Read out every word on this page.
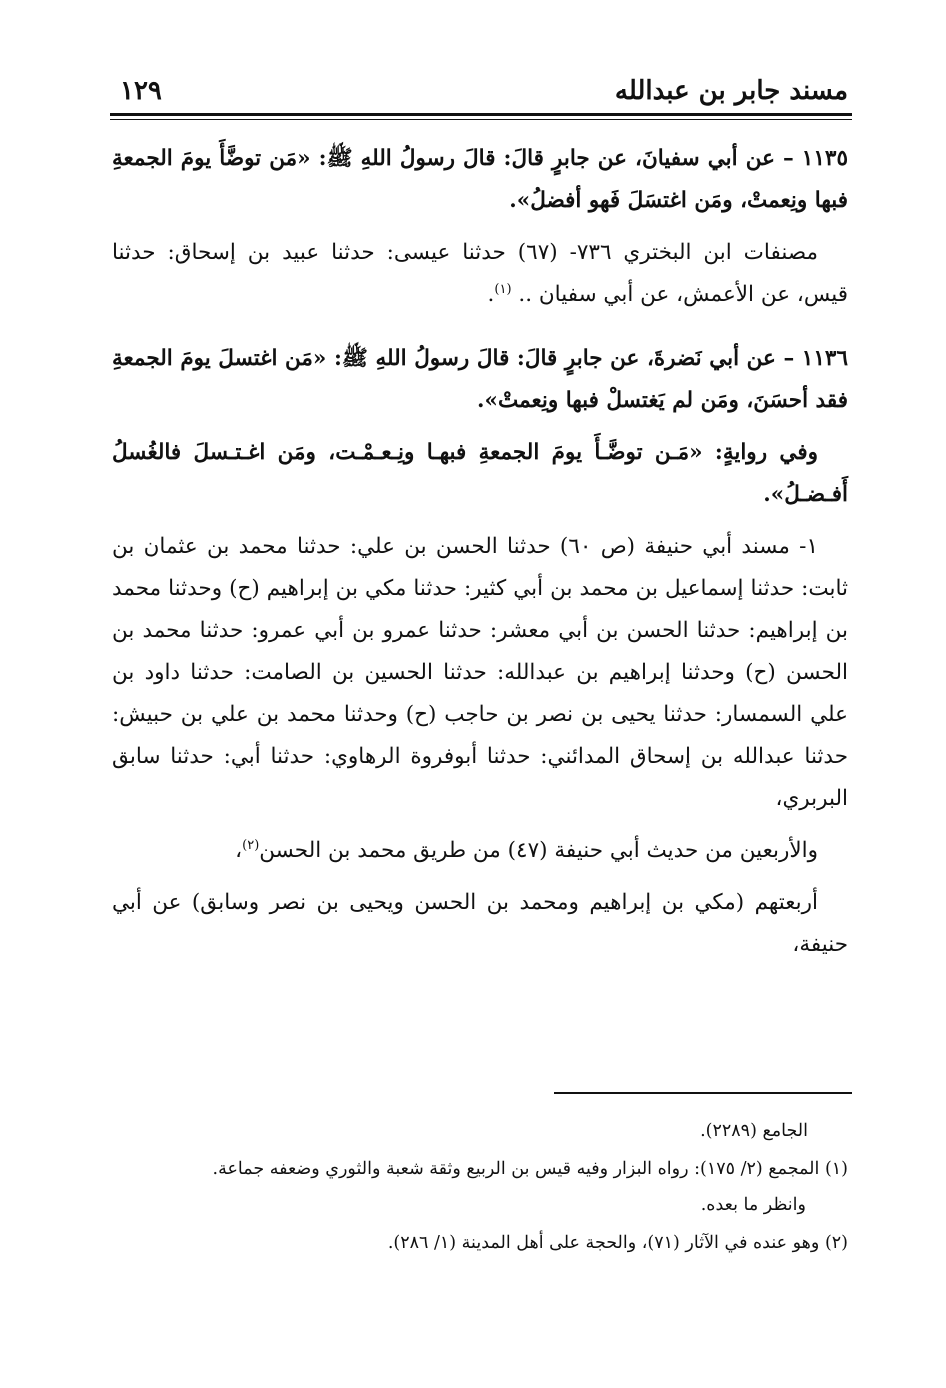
مسند جابر بن عبدالله
١٢٩

١١٣٥ – عن أبي سفيانَ، عن جابرٍ قالَ: قالَ رسولُ اللهِ ﷺ: «مَن توضَّأَ يومَ الجمعةِ فبها ونِعمتْ، ومَن اغتسَلَ فَهو أفضلُ».

مصنفات ابن البختري ٧٣٦- (٦٧) حدثنا عيسى: حدثنا عبيد بن إسحاق: حدثنا قيس، عن الأعمش، عن أبي سفيان .. $^{(١)}$.

١١٣٦ – عن أبي نَضرةَ، عن جابرٍ قالَ: قالَ رسولُ اللهِ ﷺ: «مَن اغتسلَ يومَ الجمعةِ فقد أحسَنَ، ومَن لم يَغتسلْ فبها ونِعمتْ».

وفي روايةٍ: «مَـن توضَّـأَ يومَ الجمعةِ فبهـا ونِـعـمْـت، ومَن اغـتـسلَ فالغُسلُ أَفـضـلُ».

١- مسند أبي حنيفة (ص ٦٠) حدثنا الحسن بن علي: حدثنا محمد بن عثمان بن ثابت: حدثنا إسماعيل بن محمد بن أبي كثير: حدثنا مكي بن إبراهيم (ح) وحدثنا محمد بن إبراهيم: حدثنا الحسن بن أبي معشر: حدثنا عمرو بن أبي عمرو: حدثنا محمد بن الحسن (ح) وحدثنا إبراهيم بن عبدالله: حدثنا الحسين بن الصامت: حدثنا داود بن علي السمسار: حدثنا يحيى بن نصر بن حاجب (ح) وحدثنا محمد بن علي بن حبيش: حدثنا عبدالله بن إسحاق المدائني: حدثنا أبوفروة الرهاوي: حدثنا أبي: حدثنا سابق البربري،

والأربعين من حديث أبي حنيفة (٤٧) من طريق محمد بن الحسن$^{(٢)}$،

أربعتهم (مكي بن إبراهيم ومحمد بن الحسن ويحيى بن نصر وسابق) عن أبي حنيفة،

الجامع (٢٢٨٩).

(١) المجمع (٢/ ١٧٥): رواه البزار وفيه قيس بن الربيع وثقة شعبة والثوري وضعفه جماعة.

وانظر ما بعده.

(٢) وهو عنده في الآثار (٧١)، والحجة على أهل المدينة (١/ ٢٨٦).
